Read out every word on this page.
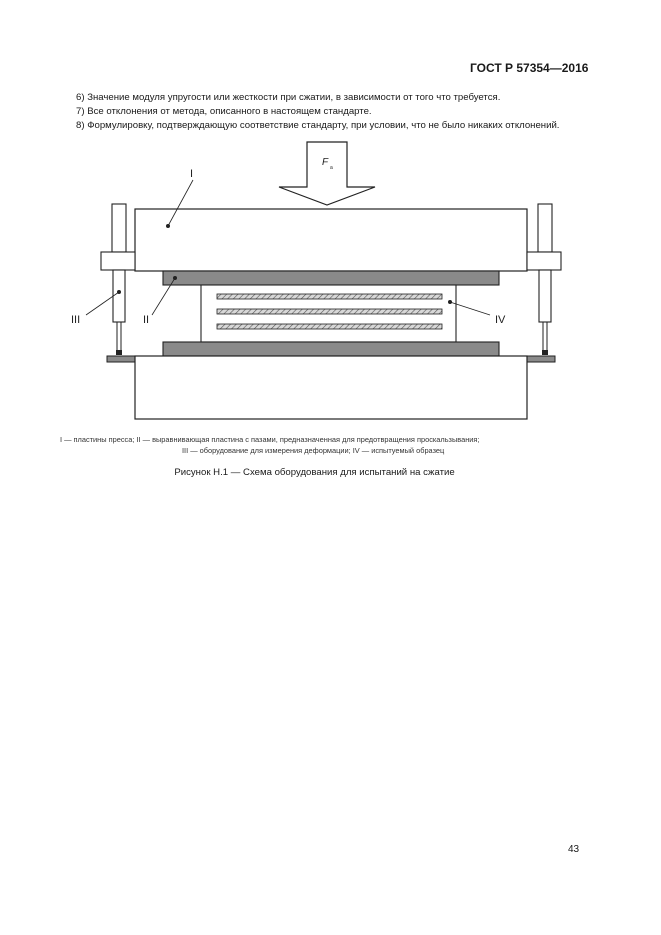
ГОСТ Р 57354—2016
6) Значение модуля упругости или жесткости при сжатии, в зависимости от того что требуется.
7) Все отклонения от метода, описанного в настоящем стандарте.
8) Формулировку, подтверждающую соответствие стандарту, при условии, что не было никаких отклонений.
F a
I
III	II	IV
I — пластины пресса; II — выравнивающая пластина с пазами, предназначенная для предотвращения проскальзывания;
III — оборудование для измерения деформации; IV — испытуемый образец
Рисунок Н.1 — Схема оборудования для испытаний на сжатие
43
